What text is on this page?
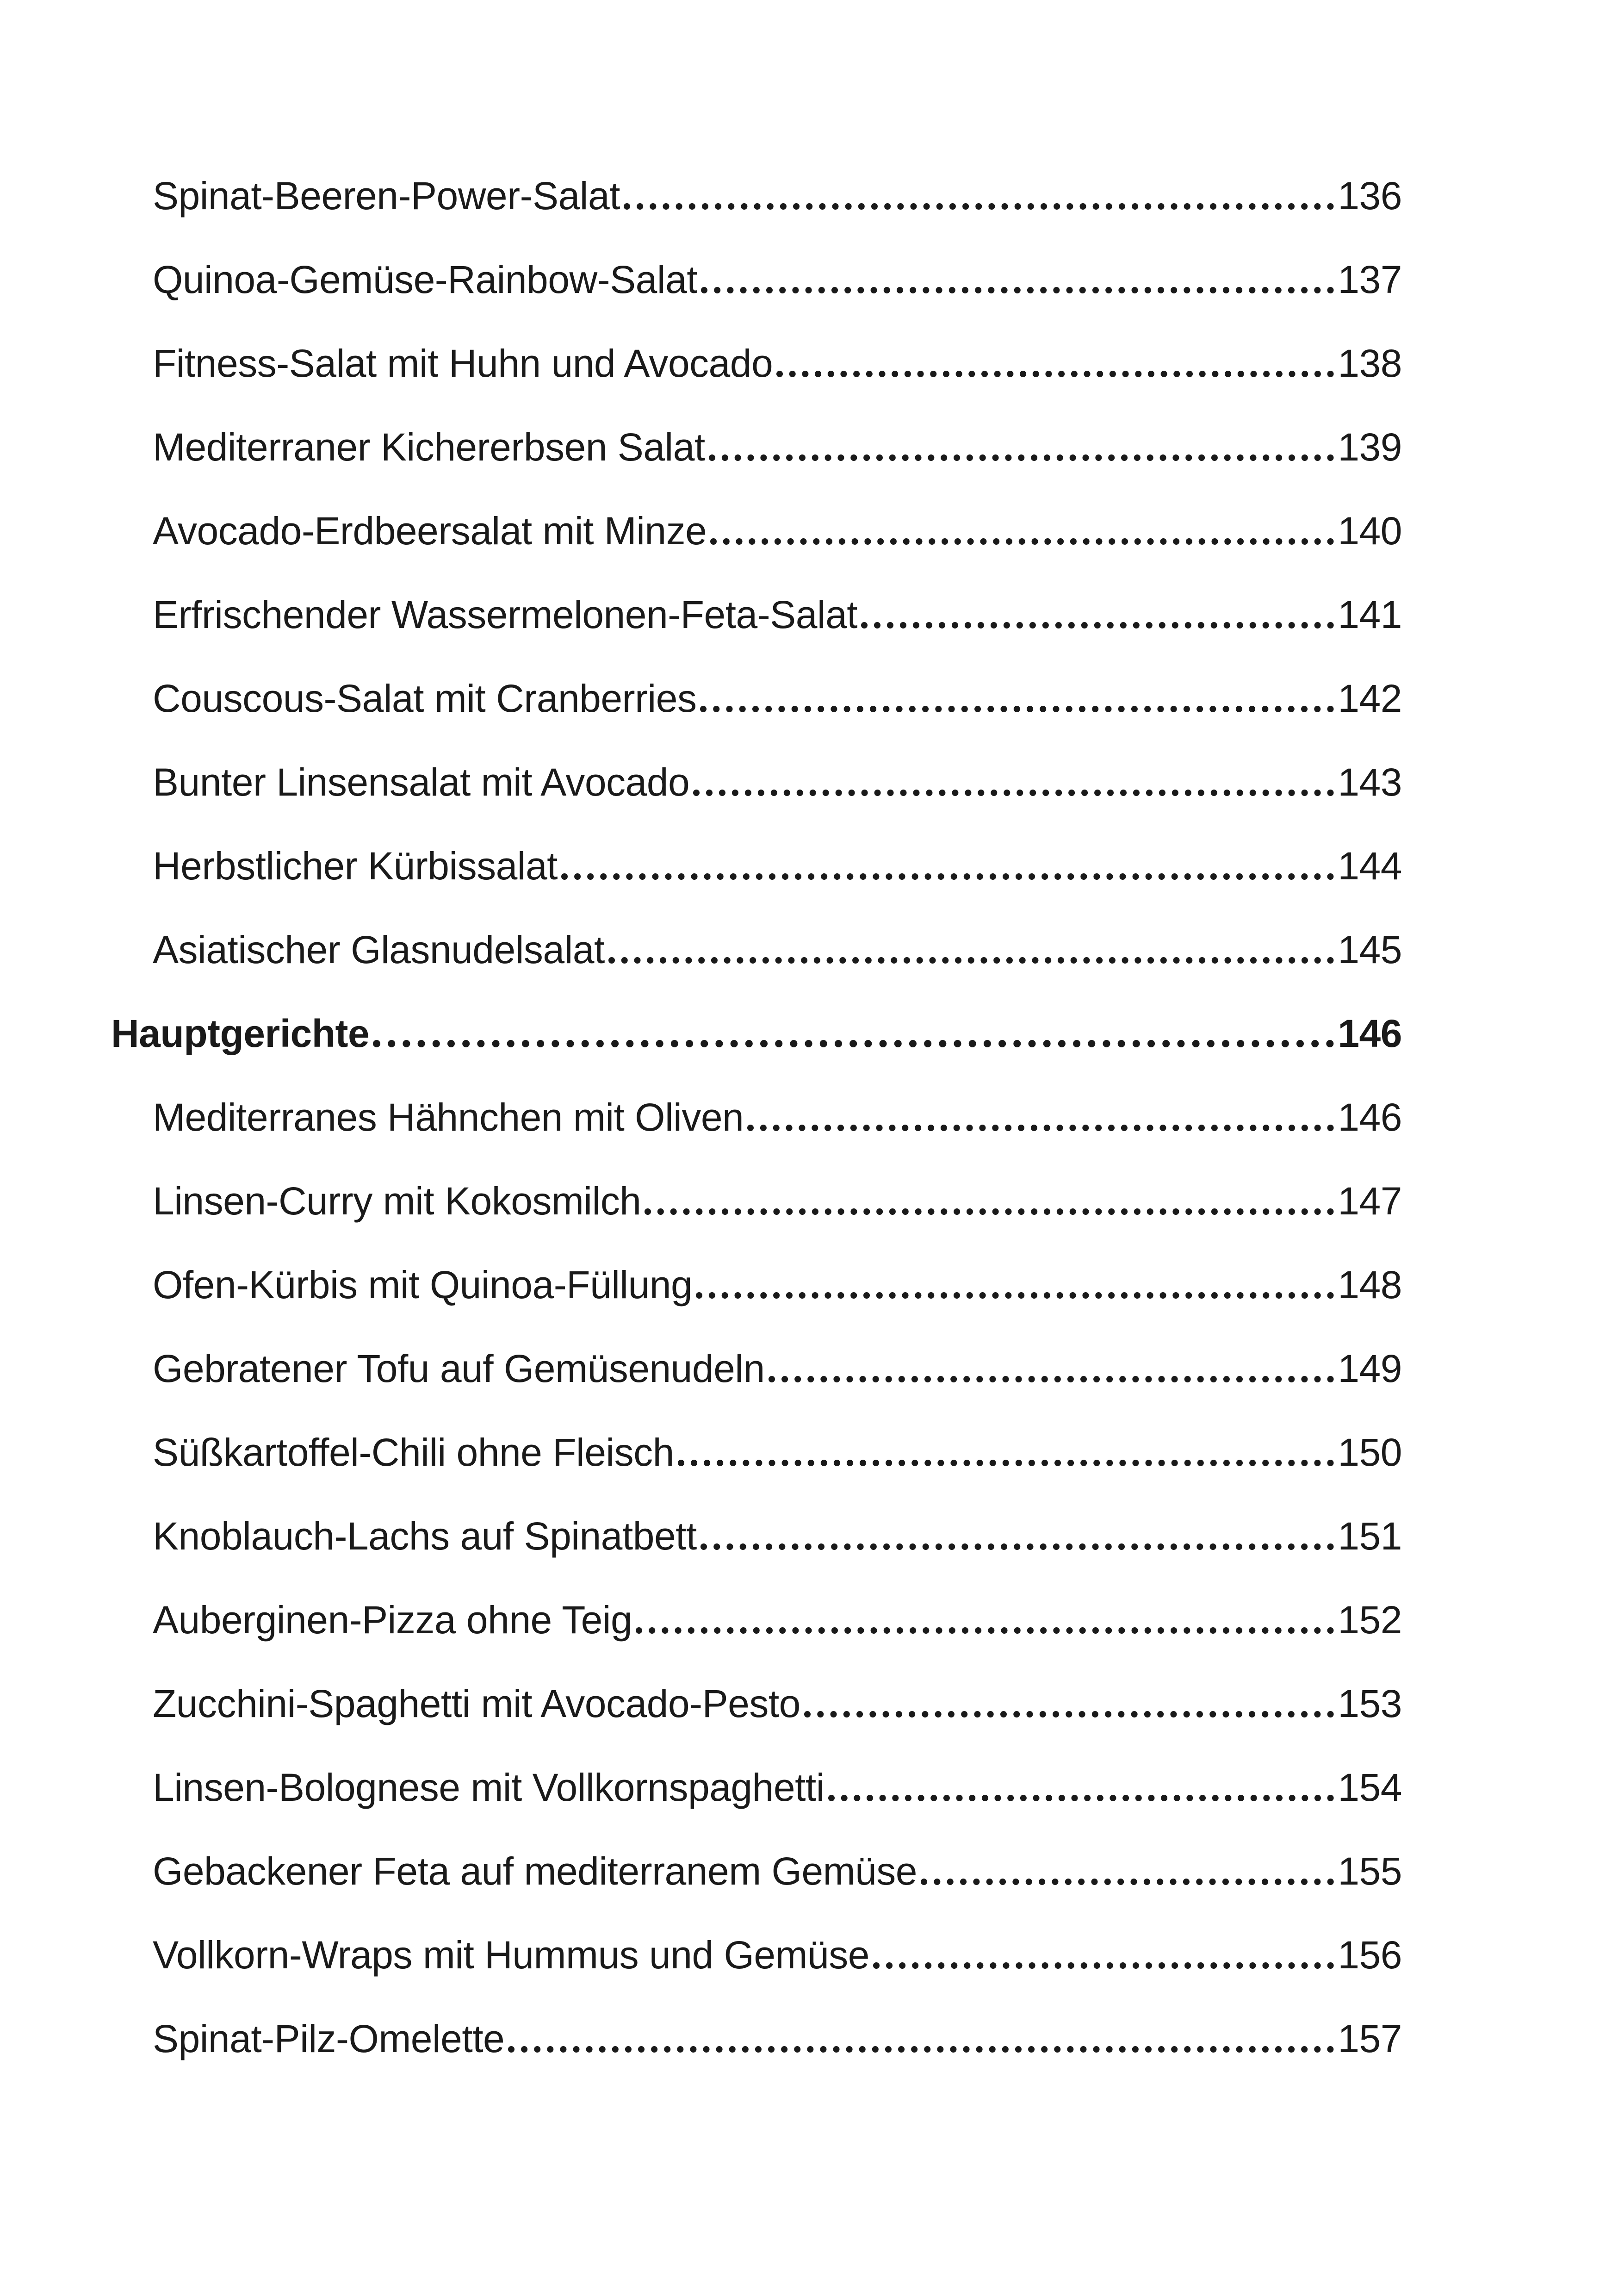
Spinat-Beeren-Power-Salat	136
Quinoa-Gemüse-Rainbow-Salat	137
Fitness-Salat mit Huhn und Avocado	138
Mediterraner Kichererbsen Salat	139
Avocado-Erdbeersalat mit Minze	140
Erfrischender Wassermelonen-Feta-Salat	141
Couscous-Salat mit Cranberries	142
Bunter Linsensalat mit Avocado	143
Herbstlicher Kürbissalat	144
Asiatischer Glasnudelsalat	145
Hauptgerichte	146
Mediterranes Hähnchen mit Oliven	146
Linsen-Curry mit Kokosmilch	147
Ofen-Kürbis mit Quinoa-Füllung	148
Gebratener Tofu auf Gemüsenudeln	149
Süßkartoffel-Chili ohne Fleisch	150
Knoblauch-Lachs auf Spinatbett	151
Auberginen-Pizza ohne Teig	152
Zucchini-Spaghetti mit Avocado-Pesto	153
Linsen-Bolognese mit Vollkornspaghetti	154
Gebackener Feta auf mediterranem Gemüse	155
Vollkorn-Wraps mit Hummus und Gemüse	156
Spinat-Pilz-Omelette	157
